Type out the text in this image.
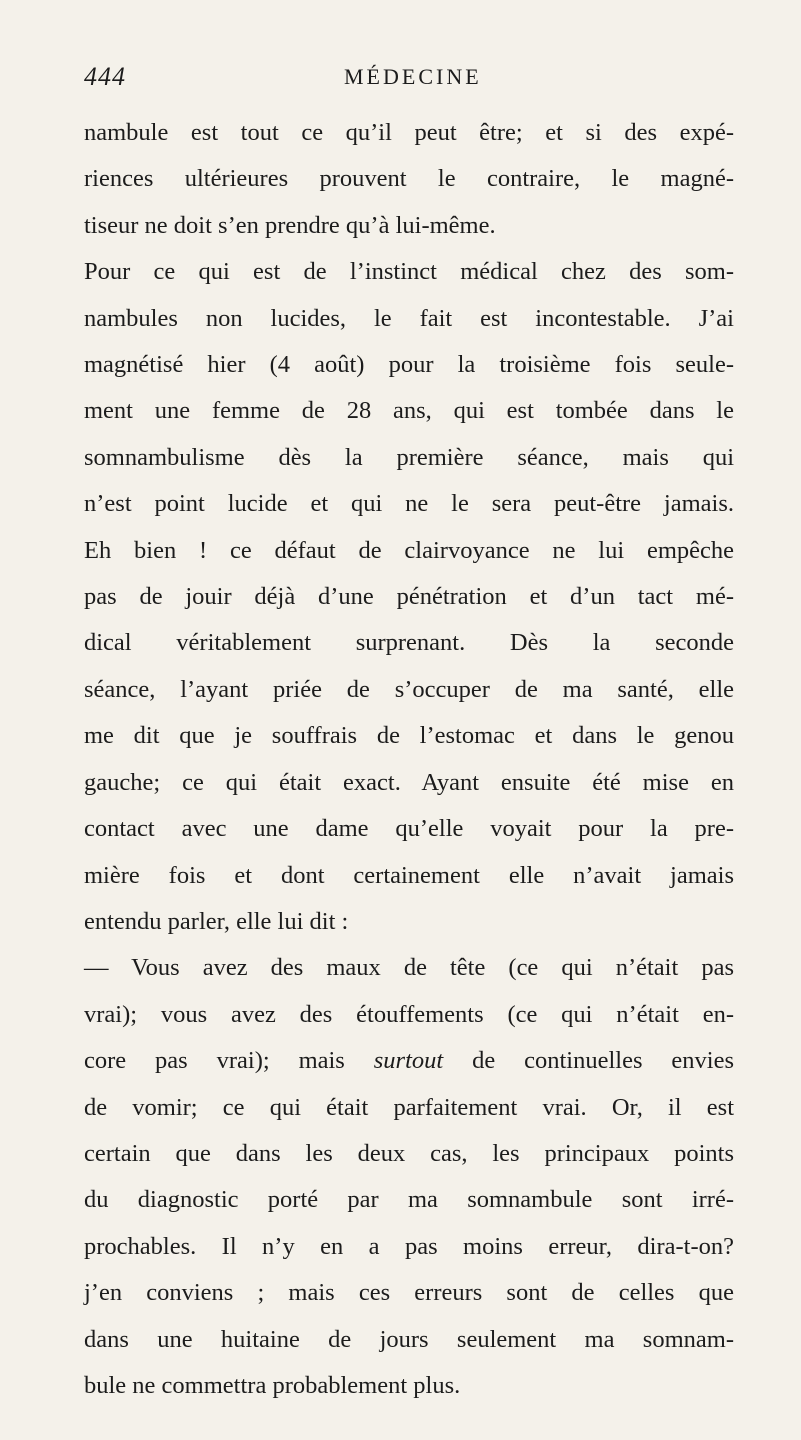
444	MÉDECINE
nambule est tout ce qu’il peut être; et si des expé-
riences ultérieures prouvent le contraire, le magné-
tiseur ne doit s’en prendre qu’à lui-même.
Pour ce qui est de l’instinct médical chez des som-
nambules non lucides, le fait est incontestable. J’ai
magnétisé hier (4 août) pour la troisième fois seule-
ment une femme de 28 ans, qui est tombée dans le
somnambulisme dès la première séance, mais qui
n’est point lucide et qui ne le sera peut-être jamais.
Eh bien ! ce défaut de clairvoyance ne lui empêche
pas de jouir déjà d’une pénétration et d’un tact mé-
dical véritablement surprenant. Dès la seconde
séance, l’ayant priée de s’occuper de ma santé, elle
me dit que je souffrais de l’estomac et dans le genou
gauche; ce qui était exact. Ayant ensuite été mise en
contact avec une dame qu’elle voyait pour la pre-
mière fois et dont certainement elle n’avait jamais
entendu parler, elle lui dit :
— Vous avez des maux de tête (ce qui n’était pas
vrai); vous avez des étouffements (ce qui n’était en-
core pas vrai); mais surtout de continuelles envies
de vomir; ce qui était parfaitement vrai. Or, il est
certain que dans les deux cas, les principaux points
du diagnostic porté par ma somnambule sont irré-
prochables. Il n’y en a pas moins erreur, dira-t-on?
j’en conviens ; mais ces erreurs sont de celles que
dans une huitaine de jours seulement ma somnam-
bule ne commettra probablement plus.
